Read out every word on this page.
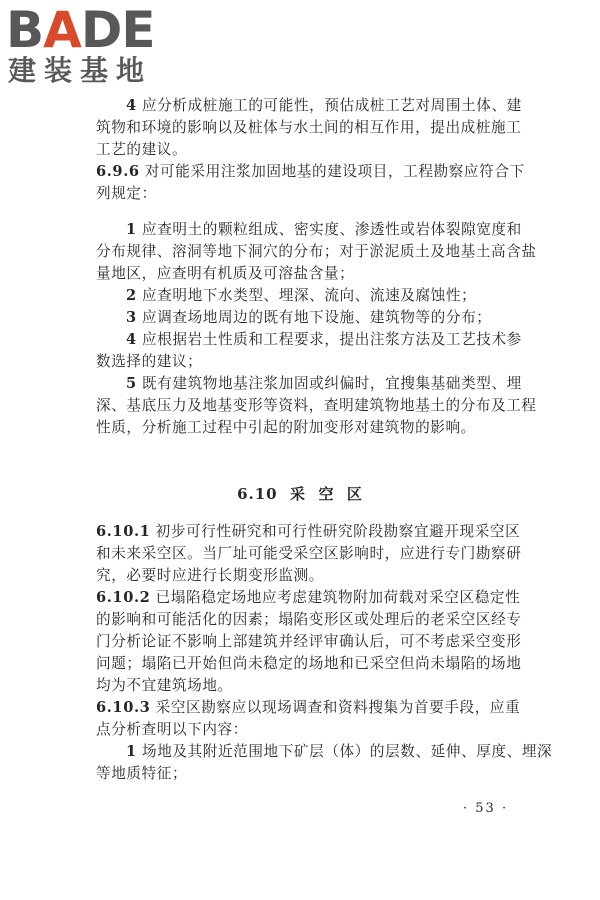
BADE
建装基地
4 应分析成桩施工的可能性，预估成桩工艺对周围土体、建
筑物和环境的影响以及桩体与水土间的相互作用，提出成桩施工
工艺的建议。
6.9.6 对可能采用注浆加固地基的建设项目，工程勘察应符合下
列规定：
1 应查明土的颗粒组成、密实度、渗透性或岩体裂隙宽度和
分布规律、溶洞等地下洞穴的分布；对于淤泥质土及地基土高含盐
量地区，应查明有机质及可溶盐含量；
2 应查明地下水类型、埋深、流向、流速及腐蚀性；
3 应调查场地周边的既有地下设施、建筑物等的分布；
4 应根据岩土性质和工程要求，提出注浆方法及工艺技术参
数选择的建议；
5 既有建筑物地基注浆加固或纠偏时，宜搜集基础类型、埋
深、基底压力及地基变形等资料，查明建筑物地基土的分布及工程
性质，分析施工过程中引起的附加变形对建筑物的影响。
6.10.1 初步可行性研究和可行性研究阶段勘察宜避开现采空区
和未来采空区。当厂址可能受采空区影响时，应进行专门勘察研
究，必要时应进行长期变形监测。
6.10.2 已塌陷稳定场地应考虑建筑物附加荷载对采空区稳定性
的影响和可能活化的因素；塌陷变形区或处理后的老采空区经专
门分析论证不影响上部建筑并经评审确认后，可不考虑采空变形
问题；塌陷已开始但尚未稳定的场地和已采空但尚未塌陷的场地
均为不宜建筑场地。
6.10.3 采空区勘察应以现场调查和资料搜集为首要手段，应重
点分析查明以下内容：
1 场地及其附近范围地下矿层（体）的层数、延伸、厚度、埋深
等地质特征；
6.10  采  空  区
· 53 ·
